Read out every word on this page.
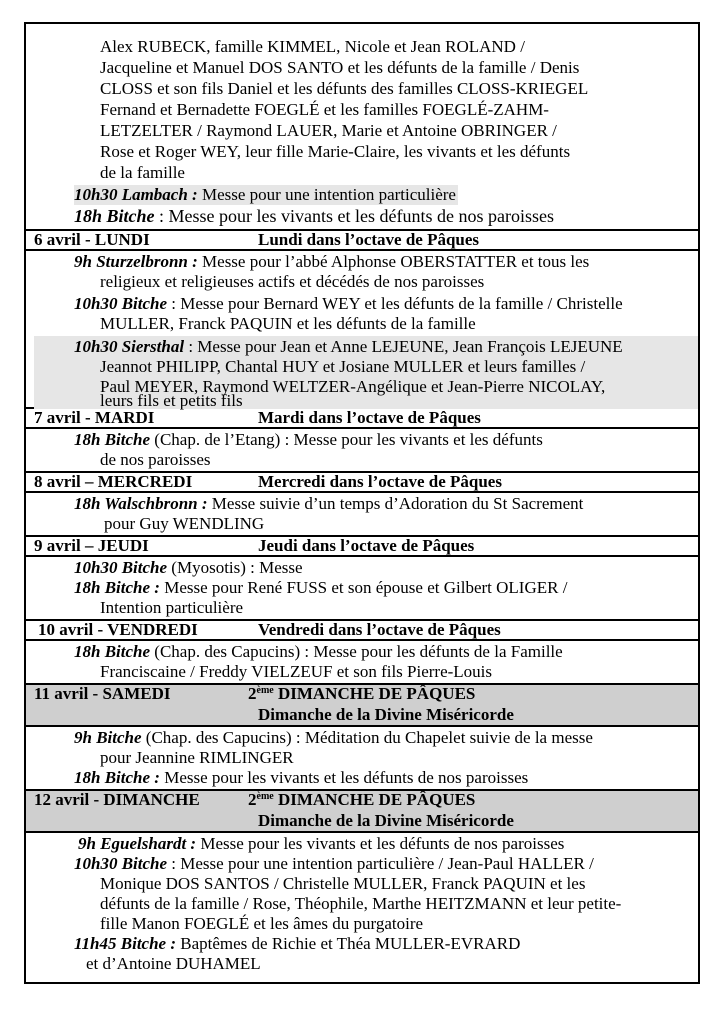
Alex RUBECK, famille KIMMEL, Nicole et Jean ROLAND /
Jacqueline et Manuel DOS SANTO et les défunts de la famille / Denis
CLOSS et son fils Daniel et les défunts des familles CLOSS-KRIEGEL
Fernand et Bernadette FOEGLÉ et les familles FOEGLÉ-ZAHM-
LETZELTER / Raymond LAUER, Marie et Antoine OBRINGER /
Rose et Roger WEY, leur fille Marie-Claire, les vivants et les défunts
de la famille
10h30 Lambach : Messe pour une intention particulière
18h Bitche : Messe pour les vivants et les défunts de nos paroisses
6 avril - LUNDI	Lundi dans l’octave de Pâques
9h Sturzelbronn : Messe pour l’abbé Alphonse OBERSTATTER et tous les
religieux et religieuses actifs et décédés de nos paroisses
10h30 Bitche : Messe pour Bernard WEY et les défunts de la famille / Christelle
MULLER, Franck PAQUIN et les défunts de la famille
10h30 Siersthal : Messe pour Jean et Anne LEJEUNE, Jean François LEJEUNE
Jeannot PHILIPP, Chantal HUY et Josiane MULLER et leurs familles /
Paul MEYER, Raymond WELTZER-Angélique et Jean-Pierre NICOLAY,
leurs fils et petits fils
7 avril - MARDI	Mardi dans l’octave de Pâques
18h Bitche (Chap. de l’Etang) : Messe pour les vivants et les défunts
de nos paroisses
8 avril – MERCREDI	Mercredi dans l’octave de Pâques
18h Walschbronn : Messe suivie d’un temps d’Adoration du St Sacrement
pour Guy WENDLING
9 avril – JEUDI	Jeudi dans l’octave de Pâques
10h30 Bitche (Myosotis) : Messe
18h Bitche : Messe pour René FUSS et son épouse et Gilbert OLIGER /
Intention particulière
10 avril - VENDREDI	Vendredi dans l’octave de Pâques
18h Bitche (Chap. des Capucins) : Messe pour les défunts de la Famille
Franciscaine / Freddy VIELZEUF et son fils Pierre-Louis
11 avril - SAMEDI	2ème DIMANCHE DE PÂQUES
Dimanche de la Divine Miséricorde
9h Bitche (Chap. des Capucins) : Méditation du Chapelet suivie de la messe
pour Jeannine RIMLINGER
18h Bitche : Messe pour les vivants et les défunts de nos paroisses
12 avril - DIMANCHE	2ème DIMANCHE DE PÂQUES
Dimanche de la Divine Miséricorde
9h Eguelshardt : Messe pour les vivants et les défunts de nos paroisses
10h30 Bitche : Messe pour une intention particulière / Jean-Paul HALLER /
Monique DOS SANTOS / Christelle MULLER, Franck PAQUIN et les
défunts de la famille / Rose, Théophile, Marthe HEITZMANN et leur petite-
fille Manon FOEGLÉ et les âmes du purgatoire
11h45 Bitche : Baptêmes de Richie et Théa MULLER-EVRARD
et d’Antoine DUHAMEL
